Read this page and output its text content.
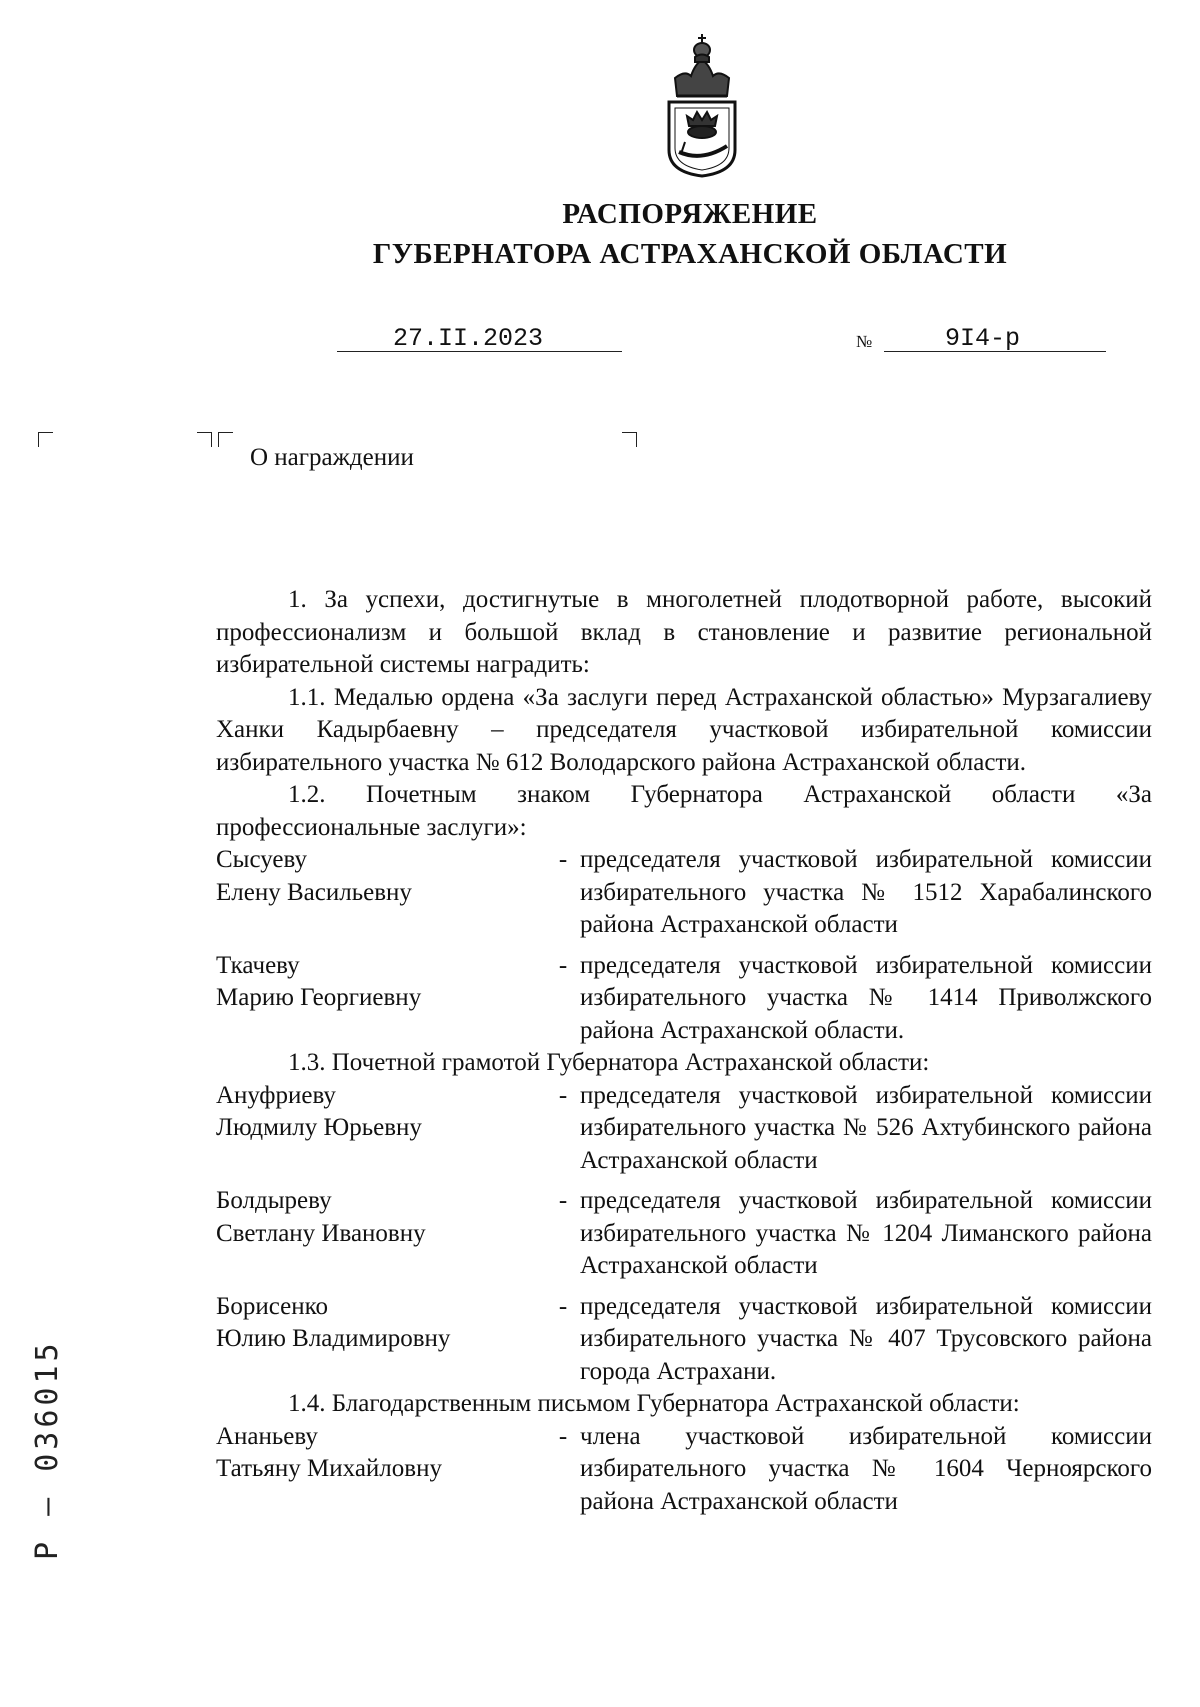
РАСПОРЯЖЕНИЕ
ГУБЕРНАТОРА АСТРАХАНСКОЙ ОБЛАСТИ
27.II.2023	№	9I4-р
О награждении
1. За успехи, достигнутые в многолетней плодотворной работе, высокий профессионализм и большой вклад в становление и развитие региональной избирательной системы наградить:
1.1. Медалью ордена «За заслуги перед Астраханской областью» Мурзагалиеву Ханки Кадырбаевну – председателя участковой избирательной комиссии избирательного участка № 612 Володарского района Астраханской области.
1.2. Почетным знаком Губернатора Астраханской области «За профессиональные заслуги»:
Сысуеву
Елену Васильевну
- председателя участковой избирательной комиссии избирательного участка № 1512 Харабалинского района Астраханской области
Ткачеву
Марию Георгиевну
- председателя участковой избирательной комиссии избирательного участка № 1414 Приволжского района Астраханской области.
1.3. Почетной грамотой Губернатора Астраханской области:
Ануфриеву
Людмилу Юрьевну
- председателя участковой избирательной комиссии избирательного участка № 526 Ахтубинского района Астраханской области
Болдыреву
Светлану Ивановну
- председателя участковой избирательной комиссии избирательного участка № 1204 Лиманского района Астраханской области
Борисенко
Юлию Владимировну
- председателя участковой избирательной комиссии избирательного участка № 407 Трусовского района города Астрахани.
1.4. Благодарственным письмом Губернатора Астраханской области:
Ананьеву
Татьяну Михайловну
- члена участковой избирательной комиссии избирательного участка № 1604 Черноярского района Астраханской области
Р – 036015
